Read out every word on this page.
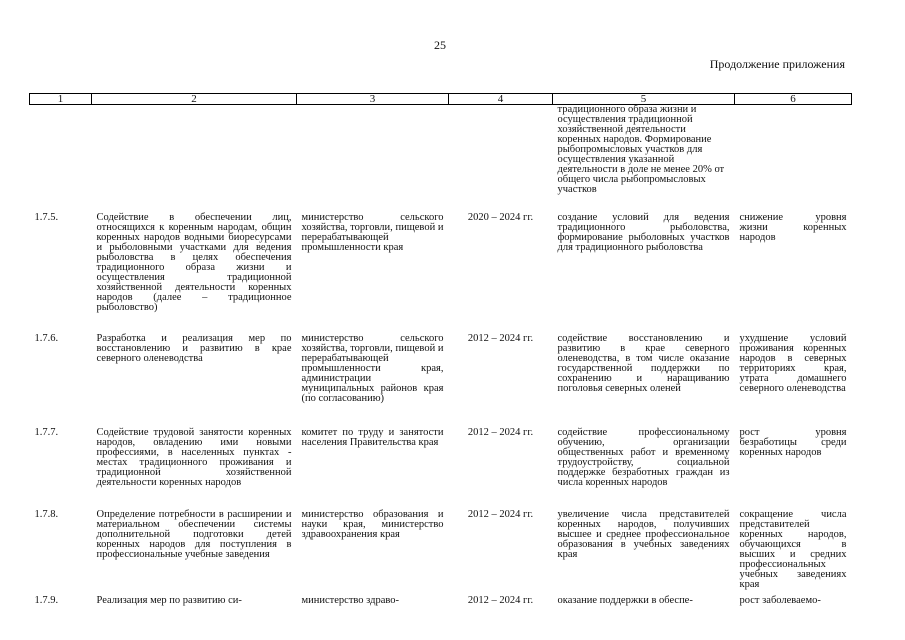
25
Продолжение приложения
1	2	3	4	5	6
				традиционного образа жизни и осуществления традиционной хозяйственной деятельности коренных народов. Формирование рыбопромысловых участков для осуществления указанной деятельности в доле не менее 20% от общего числа рыбопромысловых участков	
1.7.5.	Содействие в обеспечении лиц, относящихся к коренным народам, общин коренных народов водными биоресурсами и рыболовными участками для ведения рыболовства в целях обеспечения традиционного образа жизни и осуществления традиционной хозяйственной деятельности коренных народов (далее – традиционное рыболовство)	министерство сельского хозяйства, торговли, пищевой и перерабатывающей промышленности края	2020 – 2024 гг.	создание условий для ведения традиционного рыболовства, формирование рыболовных участков для традиционного рыболовства	снижение уровня жизни коренных народов
1.7.6.	Разработка и реализация мер по восстановлению и развитию в крае северного оленеводства	министерство сельского хозяйства, торговли, пищевой и перерабатывающей промышленности края, администрации муниципальных районов края (по согласованию)	2012 – 2024 гг.	содействие восстановлению и развитию в крае северного оленеводства, в том числе оказание государственной поддержки по сохранению и наращиванию поголовья северных оленей	ухудшение условий проживания коренных народов в северных территориях края, утрата домашнего северного оленеводства
1.7.7.	Содействие трудовой занятости коренных народов, овладению ими новыми профессиями, в населенных пунктах - местах традиционного проживания и традиционной хозяйственной деятельности коренных народов	комитет по труду и занятости населения Правительства края	2012 – 2024 гг.	содействие профессиональному обучению, организации общественных работ и временному трудоустройству, социальной поддержке безработных граждан из числа коренных народов	рост уровня безработицы среди коренных народов
1.7.8.	Определение потребности в расширении и материальном обеспечении системы дополнительной подготовки детей коренных народов для поступления в профессиональные учебные заведения	министерство образования и науки края, министерство здравоохранения края	2012 – 2024 гг.	увеличение числа представителей коренных народов, получивших высшее и среднее профессиональное образования в учебных заведениях края	сокращение числа представителей коренных народов, обучающихся в высших и средних профессиональных учебных заведениях края
1.7.9.	Реализация мер по развитию си-	министерство здраво-	2012 – 2024 гг.	оказание поддержки в обеспе-	рост заболеваемо-
